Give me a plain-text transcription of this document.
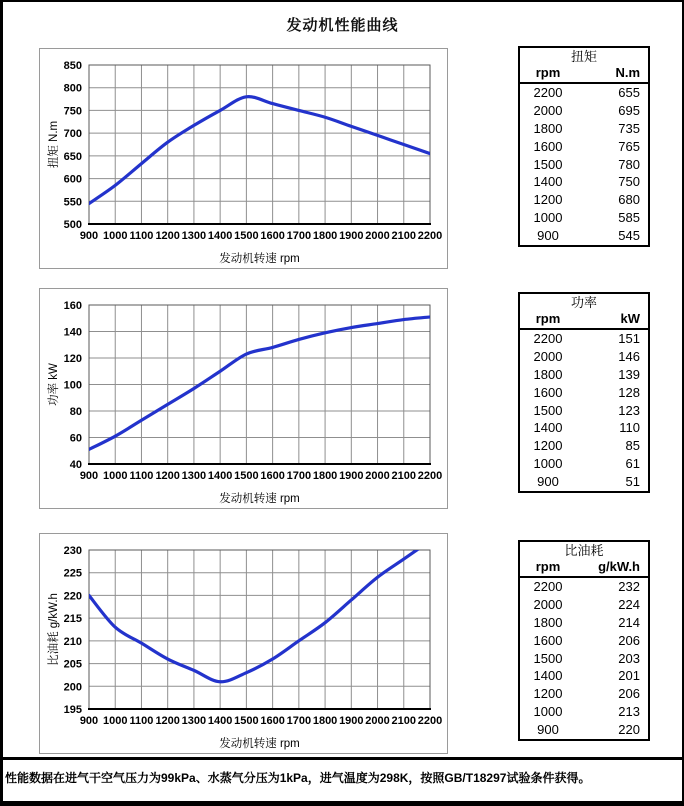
发动机性能曲线
900 1000 1100 1200 1300 1400 1500 1600 1700 1800 1900 2000 2100 2200
500
550
600
650
700
750
800
850
发动机转速 rpm
扭矩 N.m
900 1000 1100 1200 1300 1400 1500 1600 1700 1800 1900 2000 2100 2200
40
60
80
100
120
140
160
发动机转速 rpm
功率 kW
900 1000 1100 1200 1300 1400 1500 1600 1700 1800 1900 2000 2100 2200
195
200
205
210
215
220
225
230
发动机转速 rpm
比油耗 g/kW.h
扭矩
rpm	N.m
2200	655
2000	695
1800	735
1600	765
1500	780
1400	750
1200	680
1000	585
900	545
功率
rpm	kW
2200	151
2000	146
1800	139
1600	128
1500	123
1400	110
1200	85
1000	61
900	51
比油耗
rpm	g/kW.h
2200	232
2000	224
1800	214
1600	206
1500	203
1400	201
1200	206
1000	213
900	220
性能数据在进气干空气压力为99kPa、水蒸气分压为1kPa，进气温度为298K，按照GB/T18297试验条件获得。
